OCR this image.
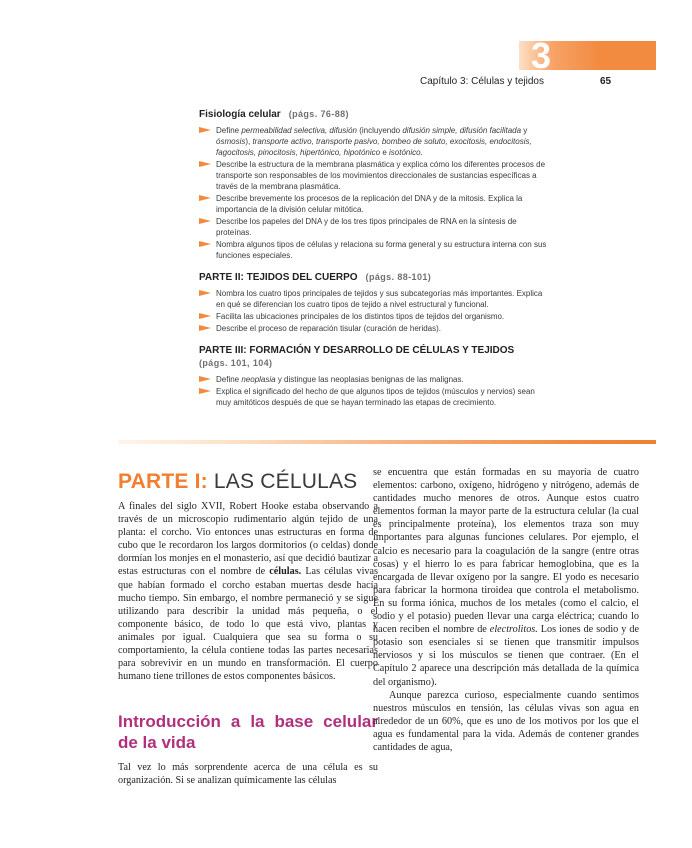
3
Capítulo 3: Células y tejidos	65
Fisiología celular (págs. 76-88)
Define permeabilidad selectiva, difusión (incluyendo difusión simple, difusión facilitada y ósmosis), transporte activo, transporte pasivo, bombeo de soluto, exocitosis, endocitosis, fagocitosis, pinocitosis, hipertónico, hipotónico e isotónico.
Describe la estructura de la membrana plasmática y explica cómo los diferentes procesos de transporte son responsables de los movimientos direccionales de sustancias específicas a través de la membrana plasmática.
Describe brevemente los procesos de la replicación del DNA y de la mitosis. Explica la importancia de la división celular mitótica.
Describe los papeles del DNA y de los tres tipos principales de RNA en la síntesis de proteínas.
Nombra algunos tipos de células y relaciona su forma general y su estructura interna con sus funciones especiales.
PARTE II: TEJIDOS DEL CUERPO (págs. 88-101)
Nombra los cuatro tipos principales de tejidos y sus subcategorías más importantes. Explica en qué se diferencian los cuatro tipos de tejido a nivel estructural y funcional.
Facilita las ubicaciones principales de los distintos tipos de tejidos del organismo.
Describe el proceso de reparación tisular (curación de heridas).
PARTE III: FORMACIÓN Y DESARROLLO DE CÉLULAS Y TEJIDOS
(págs. 101, 104)
Define neoplasia y distingue las neoplasias benignas de las malignas.
Explica el significado del hecho de que algunos tipos de tejidos (músculos y nervios) sean muy amitóticos después de que se hayan terminado las etapas de crecimiento.
PARTE I: LAS CÉLULAS

A finales del siglo XVII, Robert Hooke estaba observando a través de un microscopio rudimentario algún tejido de una planta: el corcho. Vio entonces unas estructuras en forma de cubo que le recordaron los largos dormitorios (o celdas) donde dormían los monjes en el monasterio, así que decidió bautizar a estas estructuras con el nombre de células. Las células vivas que habían formado el corcho estaban muertas desde hacía mucho tiempo. Sin embargo, el nombre permaneció y se sigue utilizando para describir la unidad más pequeña, o el componente básico, de todo lo que está vivo, plantas y animales por igual. Cualquiera que sea su forma o su comportamiento, la célula contiene todas las partes necesarias para sobrevivir en un mundo en transformación. El cuerpo humano tiene trillones de estos componentes básicos.

Introducción a la base celular de la vida

Tal vez lo más sorprendente acerca de una célula es su organización. Si se analizan químicamente las células

se encuentra que están formadas en su mayoría de cuatro elementos: carbono, oxígeno, hidrógeno y nitrógeno, además de cantidades mucho menores de otros. Aunque estos cuatro elementos forman la mayor parte de la estructura celular (la cual es principalmente proteína), los elementos traza son muy importantes para algunas funciones celulares. Por ejemplo, el calcio es necesario para la coagulación de la sangre (entre otras cosas) y el hierro lo es para fabricar hemoglobina, que es la encargada de llevar oxígeno por la sangre. El yodo es necesario para fabricar la hormona tiroidea que controla el metabolismo. En su forma iónica, muchos de los metales (como el calcio, el sodio y el potasio) pueden llevar una carga eléctrica; cuando lo hacen reciben el nombre de electrolitos. Los iones de sodio y de potasio son esenciales si se tienen que transmitir impulsos nerviosos y si los músculos se tienen que contraer. (En el Capítulo 2 aparece una descripción más detallada de la química del organismo).

Aunque parezca curioso, especialmente cuando sentimos nuestros músculos en tensión, las células vivas son agua en alrededor de un 60%, que es uno de los motivos por los que el agua es fundamental para la vida. Además de contener grandes cantidades de agua,
